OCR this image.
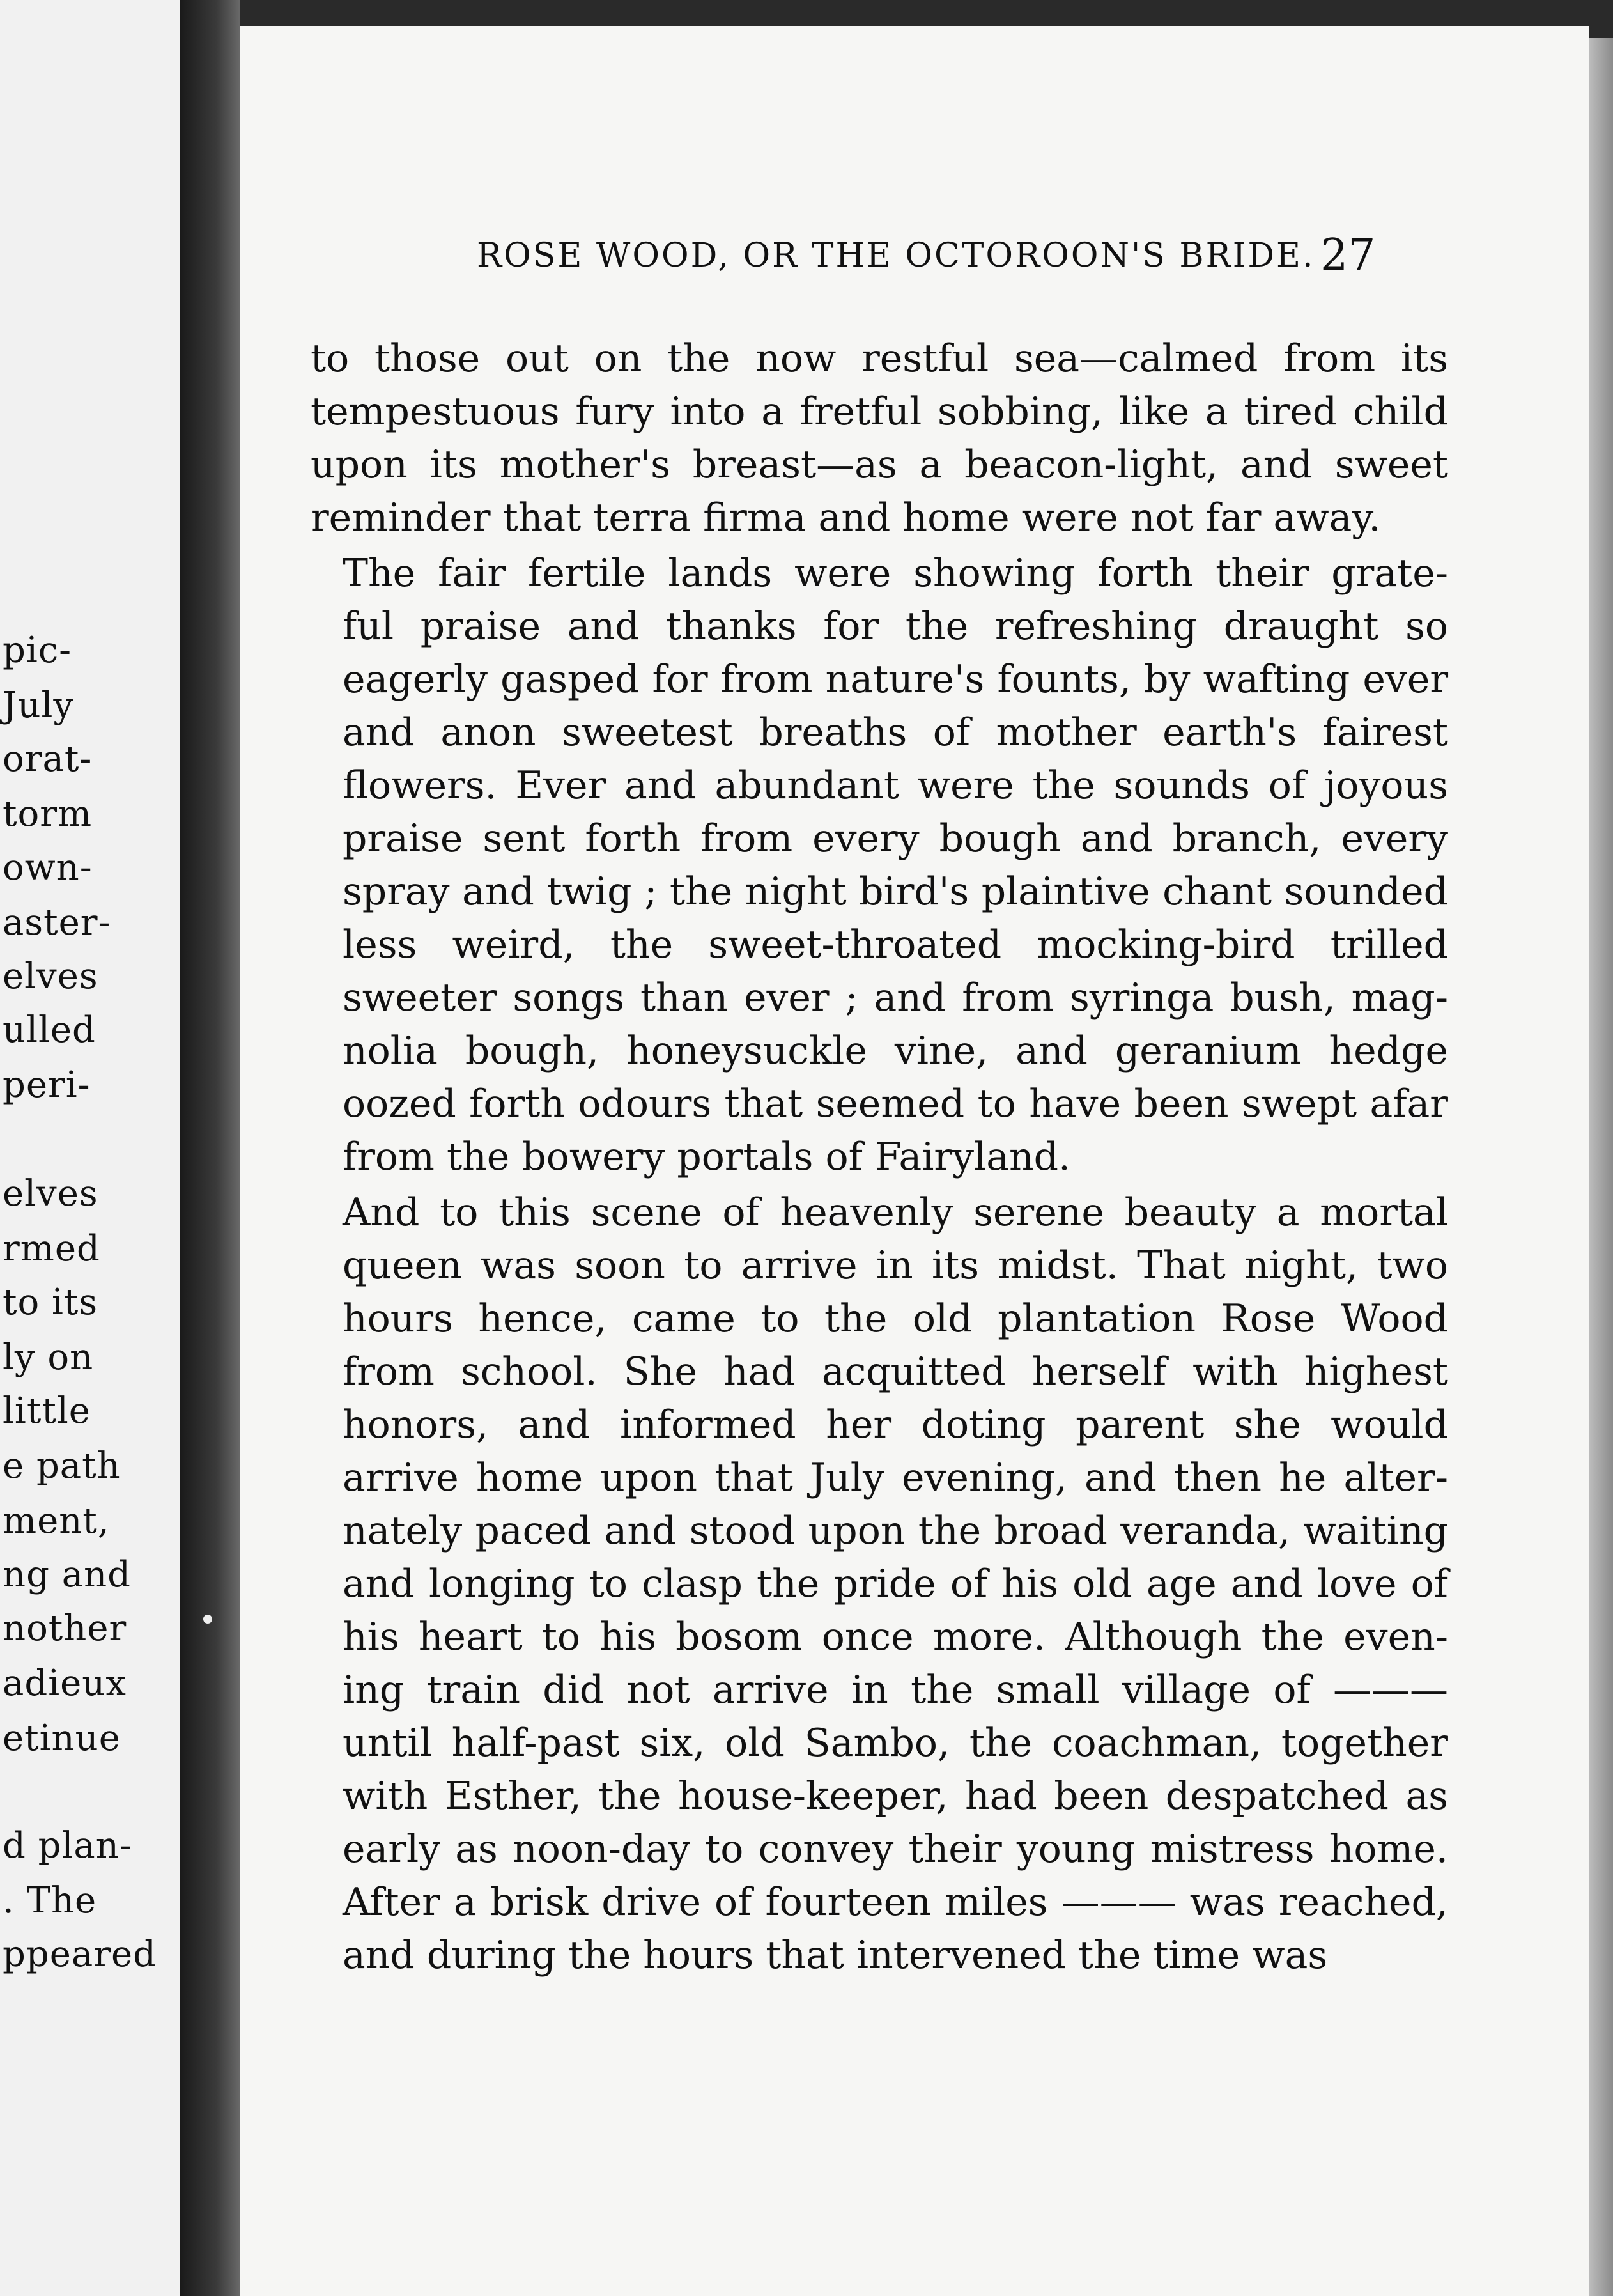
pic-
July
orat-
torm
own-
aster-
elves
ulled
peri-
elves
rmed
to its
ly on
little
e path
ment,
ng and
nother
adieux
etinue
d plan-
. The
ppeared
ROSE WOOD, OR THE OCTOROON'S BRIDE. 27

to those out on the now restful sea—calmed from its
tempestuous fury into a fretful sobbing, like a tired child
upon its mother's breast—as a beacon-light, and sweet
reminder that terra firma and home were not far away.

The fair fertile lands were showing forth their grate-
ful praise and thanks for the refreshing draught so
eagerly gasped for from nature's founts, by wafting ever
and anon sweetest breaths of mother earth's fairest
flowers. Ever and abundant were the sounds of joyous
praise sent forth from every bough and branch, every
spray and twig ; the night bird's plaintive chant sounded
less weird, the sweet-throated mocking-bird trilled
sweeter songs than ever ; and from syringa bush, mag-
nolia bough, honeysuckle vine, and geranium hedge
oozed forth odours that seemed to have been swept afar
from the bowery portals of Fairyland.

And to this scene of heavenly serene beauty a mortal
queen was soon to arrive in its midst. That night, two
hours hence, came to the old plantation Rose Wood
from school. She had acquitted herself with highest
honors, and informed her doting parent she would
arrive home upon that July evening, and then he alter-
nately paced and stood upon the broad veranda, waiting
and longing to clasp the pride of his old age and love of
his heart to his bosom once more. Although the even-
ing train did not arrive in the small village of ———
until half-past six, old Sambo, the coachman, together
with Esther, the house-keeper, had been despatched as
early as noon-day to convey their young mistress home.
After a brisk drive of fourteen miles ——— was reached,
and during the hours that intervened the time was
